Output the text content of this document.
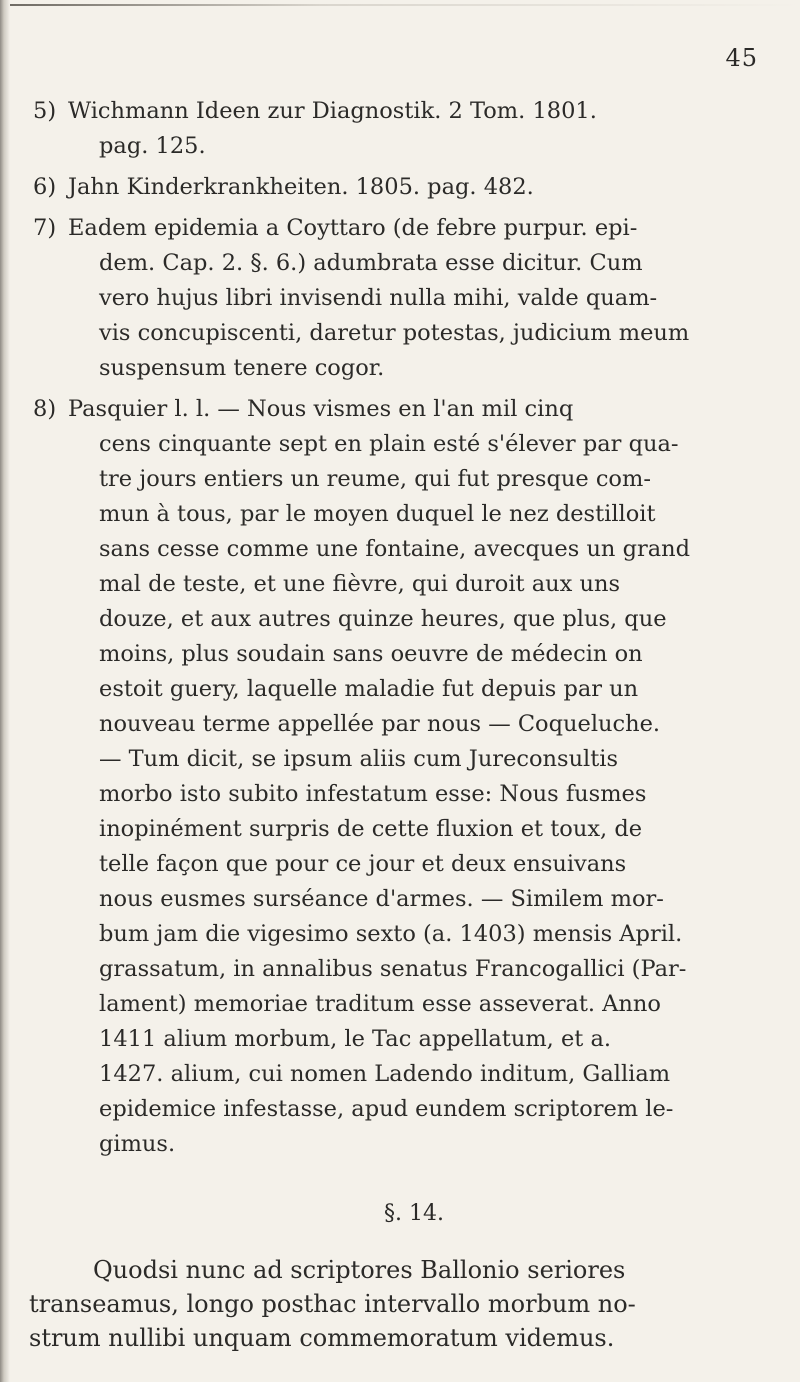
45
5) Wichmann Ideen zur Diagnostik. 2 Tom. 1801.
pag. 125.
6) Jahn Kinderkrankheiten. 1805. pag. 482.
7) Eadem epidemia a Coyttaro (de febre purpur. epi-
dem. Cap. 2. §. 6.) adumbrata esse dicitur. Cum
vero hujus libri invisendi nulla mihi, valde quam-
vis concupiscenti, daretur potestas, judicium meum
suspensum tenere cogor.
8) Pasquier l. l. — Nous vismes en l'an mil cinq
cens cinquante sept en plain esté s'élever par qua-
tre jours entiers un reume, qui fut presque com-
mun à tous, par le moyen duquel le nez destilloit
sans cesse comme une fontaine, avecques un grand
mal de teste, et une fièvre, qui duroit aux uns
douze, et aux autres quinze heures, que plus, que
moins, plus soudain sans oeuvre de médecin on
estoit guery, laquelle maladie fut depuis par un
nouveau terme appellée par nous — Coqueluche.
— Tum dicit, se ipsum aliis cum Jureconsultis
morbo isto subito infestatum esse: Nous fusmes
inopinément surpris de cette fluxion et toux, de
telle façon que pour ce jour et deux ensuivans
nous eusmes surséance d'armes. — Similem mor-
bum jam die vigesimo sexto (a. 1403) mensis April.
grassatum, in annalibus senatus Francogallici (Par-
lament) memoriae traditum esse asseverat. Anno
1411 alium morbum, le Tac appellatum, et a.
1427. alium, cui nomen Ladendo inditum, Galliam
epidemice infestasse, apud eundem scriptorem le-
gimus.
§. 14.
Quodsi nunc ad scriptores Ballonio seriores
transeamus, longo posthac intervallo morbum no-
strum nullibi unquam commemoratum videmus.
